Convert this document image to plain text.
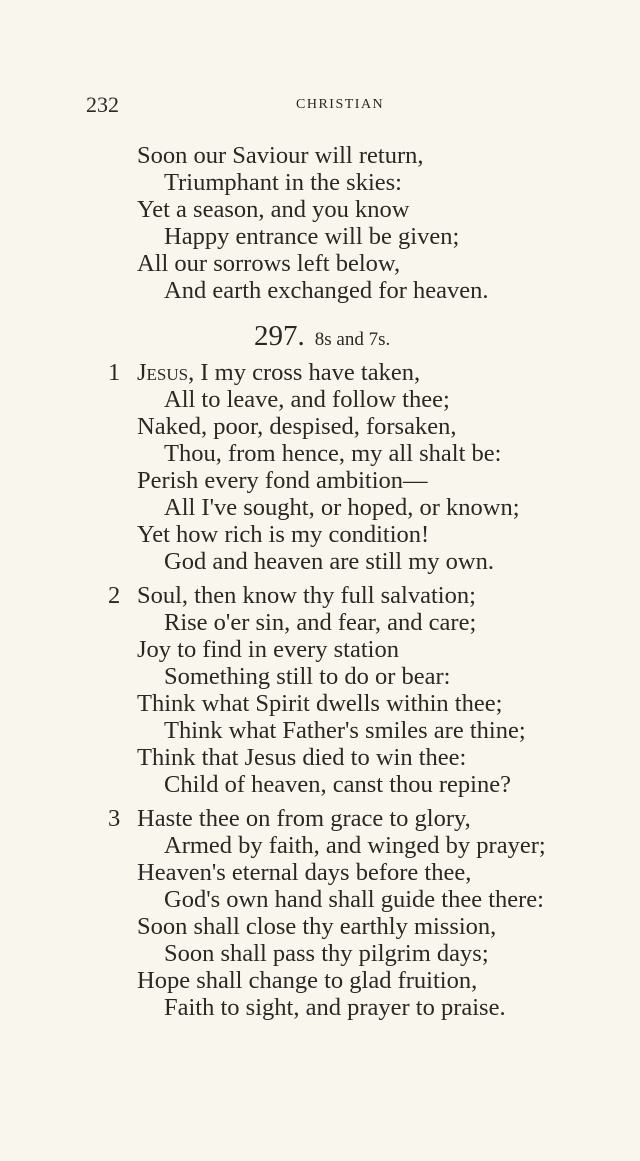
232	CHRISTIAN
Soon our Saviour will return,
Triumphant in the skies:
Yet a season, and you know
Happy entrance will be given;
All our sorrows left below,
And earth exchanged for heaven.
297. 8s and 7s.
1 Jesus, I my cross have taken,
All to leave, and follow thee;
Naked, poor, despised, forsaken,
Thou, from hence, my all shalt be:
Perish every fond ambition—
All I've sought, or hoped, or known;
Yet how rich is my condition!
God and heaven are still my own.
2 Soul, then know thy full salvation;
Rise o'er sin, and fear, and care;
Joy to find in every station
Something still to do or bear:
Think what Spirit dwells within thee;
Think what Father's smiles are thine;
Think that Jesus died to win thee:
Child of heaven, canst thou repine?
3 Haste thee on from grace to glory,
Armed by faith, and winged by prayer;
Heaven's eternal days before thee,
God's own hand shall guide thee there:
Soon shall close thy earthly mission,
Soon shall pass thy pilgrim days;
Hope shall change to glad fruition,
Faith to sight, and prayer to praise.
